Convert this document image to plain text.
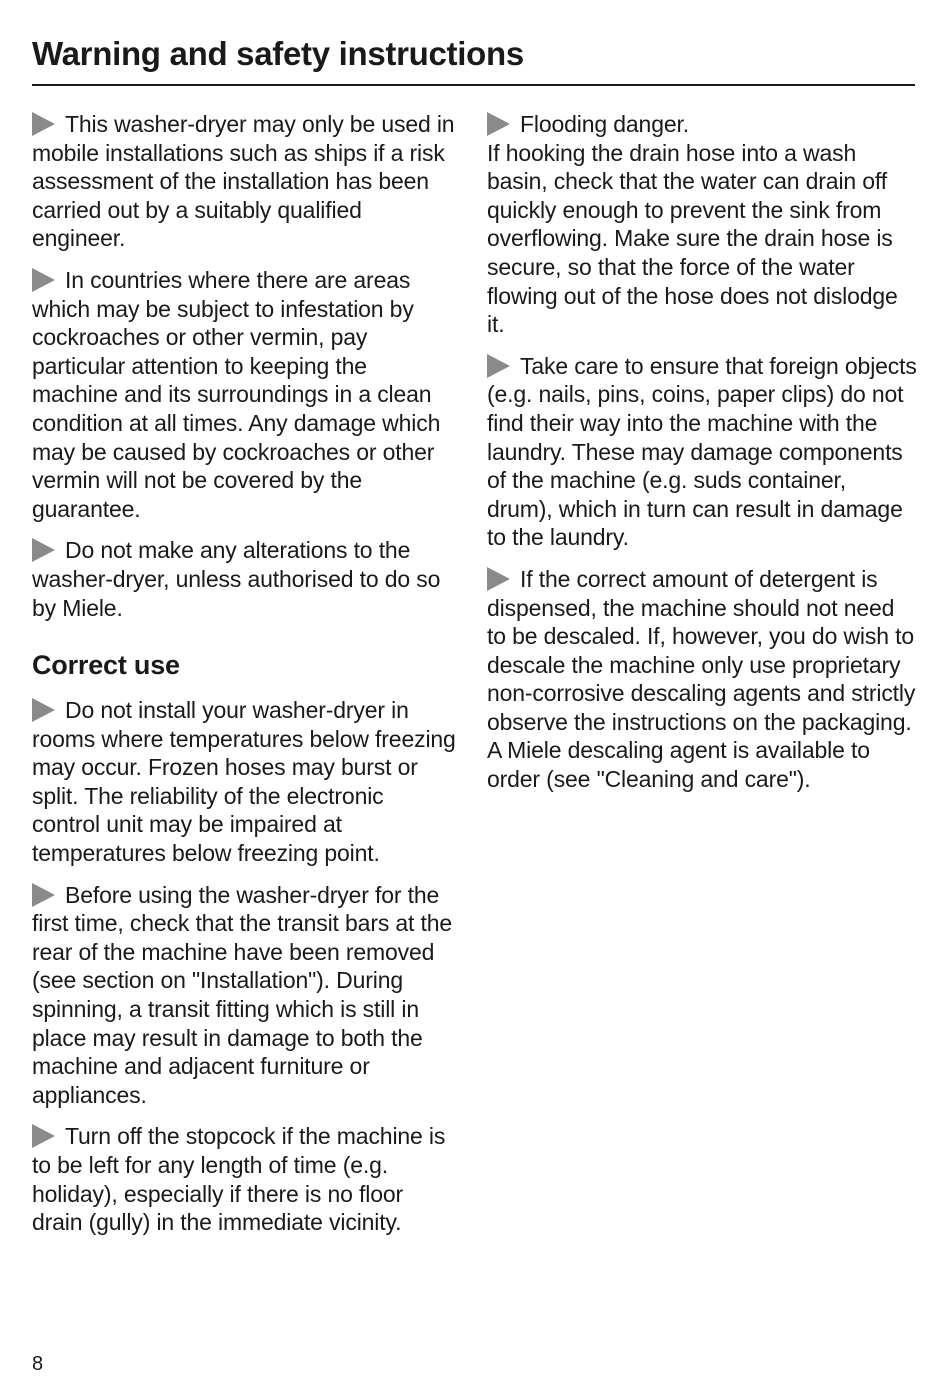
Warning and safety instructions

This washer-dryer may only be used in mobile installations such as ships if a risk assessment of the installation has been carried out by a suitably qualified engineer.

In countries where there are areas which may be subject to infestation by cockroaches or other vermin, pay particular attention to keeping the machine and its surroundings in a clean condition at all times. Any damage which may be caused by cockroaches or other vermin will not be covered by the guarantee.

Do not make any alterations to the washer-dryer, unless authorised to do so by Miele.

Correct use

Do not install your washer-dryer in rooms where temperatures below freezing may occur. Frozen hoses may burst or split. The reliability of the electronic control unit may be impaired at temperatures below freezing point.

Before using the washer-dryer for the first time, check that the transit bars at the rear of the machine have been removed (see section on "Installation"). During spinning, a transit fitting which is still in place may result in damage to both the machine and adjacent furniture or appliances.

Turn off the stopcock if the machine is to be left for any length of time (e.g. holiday), especially if there is no floor drain (gully) in the immediate vicinity.

Flooding danger.
If hooking the drain hose into a wash basin, check that the water can drain off quickly enough to prevent the sink from overflowing. Make sure the drain hose is secure, so that the force of the water flowing out of the hose does not dislodge it.

Take care to ensure that foreign objects (e.g. nails, pins, coins, paper clips) do not find their way into the machine with the laundry. These may damage components of the machine (e.g. suds container, drum), which in turn can result in damage to the laundry.

If the correct amount of detergent is dispensed, the machine should not need to be descaled. If, however, you do wish to descale the machine only use proprietary non-corrosive descaling agents and strictly observe the instructions on the packaging. A Miele descaling agent is available to order (see "Cleaning and care").

8
